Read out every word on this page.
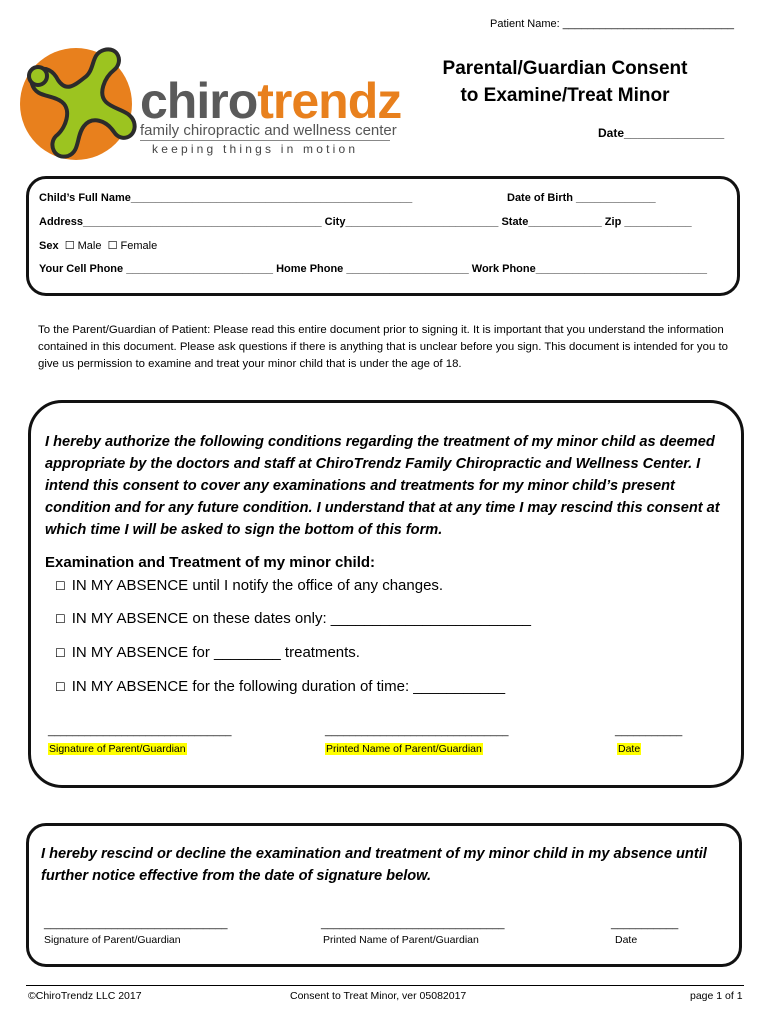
Patient Name: ____________________________
chirotrendz
family chiropractic and wellness center
keeping things in motion
Parental/Guardian Consent
to Examine/Treat Minor
Date_______________
Child’s Full Name______________________________________________	Date of Birth _____________
Address_______________________________________ City_________________________ State____________ Zip ___________
Sex  ☐ Male  ☐ Female
Your Cell Phone ________________________ Home Phone ____________________ Work Phone____________________________
To the Parent/Guardian of Patient: Please read this entire document prior to signing it. It is important that you understand the information contained in this document. Please ask questions if there is anything that is unclear before you sign. This document is intended for you to give us permission to examine and treat your minor child that is under the age of 18.
I hereby authorize the following conditions regarding the treatment of my minor child as deemed appropriate by the doctors and staff at ChiroTrendz Family Chiropractic and Wellness Center. I intend this consent to cover any examinations and treatments for my minor child’s present condition and for any future condition. I understand that at any time I may rescind this consent at which time I will be asked to sign the bottom of this form.
Examination and Treatment of my minor child:
☐ IN MY ABSENCE until I notify the office of any changes.
☐ IN MY ABSENCE on these dates only: ________________________
☐ IN MY ABSENCE for ________ treatments.
☐ IN MY ABSENCE for the following duration of time: ___________
______________________________	______________________________	___________
Signature of Parent/Guardian	Printed Name of Parent/Guardian	Date
I hereby rescind or decline the examination and treatment of my minor child in my absence until further notice effective from the date of signature below.
______________________________	______________________________	___________
Signature of Parent/Guardian	Printed Name of Parent/Guardian	Date
©ChiroTrendz LLC 2017	Consent to Treat Minor, ver 05082017	page 1 of 1
